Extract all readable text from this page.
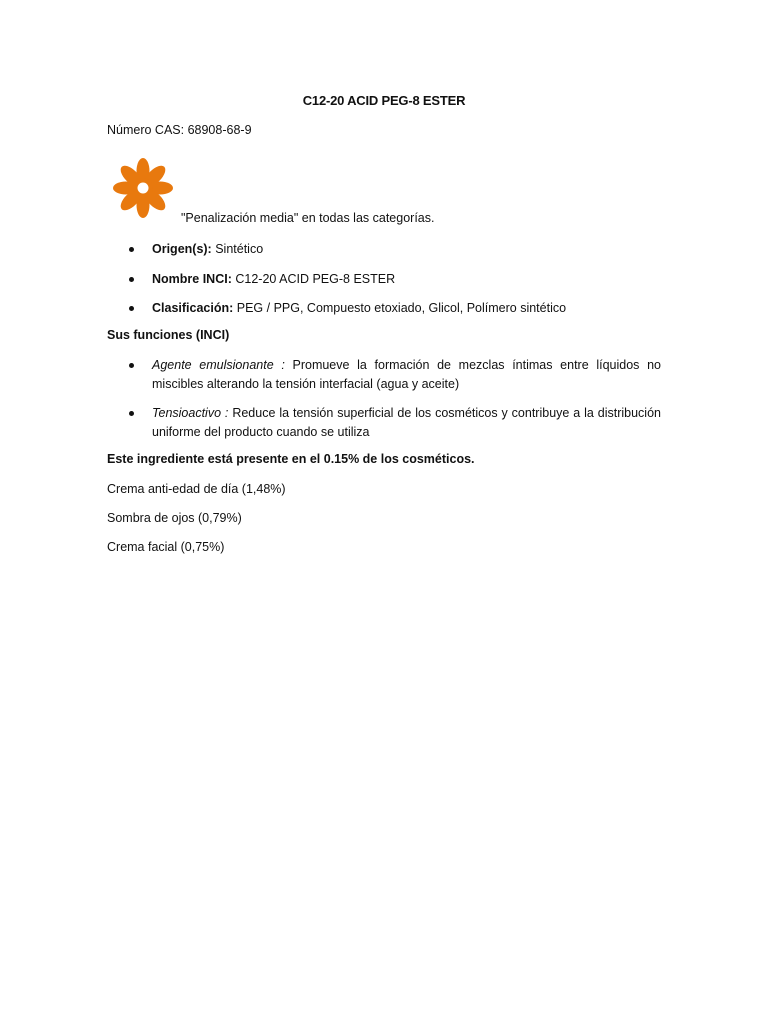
C12-20 ACID PEG-8 ESTER
Número CAS: 68908-68-9
"Penalización media" en todas las categorías.
Origen(s): Sintético
Nombre INCI: C12-20 ACID PEG-8 ESTER
Clasificación: PEG / PPG, Compuesto etoxiado, Glicol, Polímero sintético
Sus funciones (INCI)
Agente emulsionante : Promueve la formación de mezclas íntimas entre líquidos no miscibles alterando la tensión interfacial (agua y aceite)
Tensioactivo : Reduce la tensión superficial de los cosméticos y contribuye a la distribución uniforme del producto cuando se utiliza
Este ingrediente está presente en el 0.15% de los cosméticos.
Crema anti-edad de día (1,48%)
Sombra de ojos (0,79%)
Crema facial (0,75%)
